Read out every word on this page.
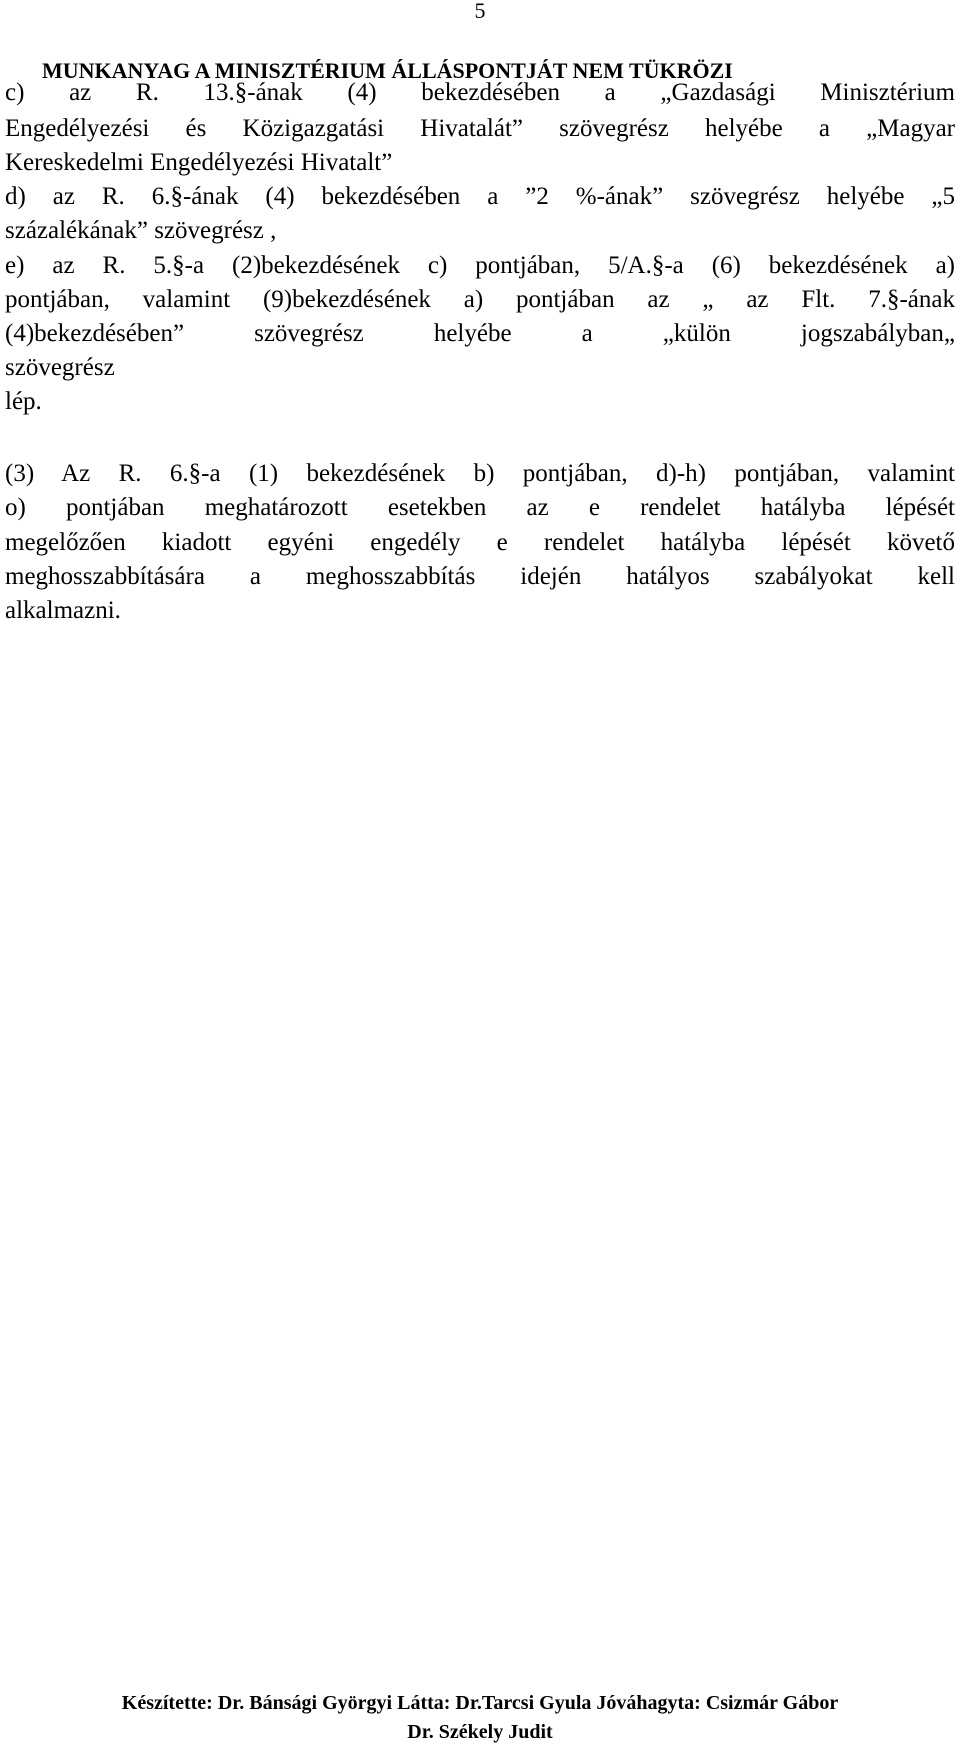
5
MUNKANYAG A MINISZTÉRIUM ÁLLÁSPONTJÁT NEM TÜKRÖZI

c) az R. 13.§-ának (4) bekezdésében a „Gazdasági Minisztérium

Engedélyezési és Közigazgatási Hivatalát” szövegrész helyébe a „Magyar

Kereskedelmi Engedélyezési Hivatalt”

d) az R. 6.§-ának (4) bekezdésében a ”2 %-ának” szövegrész helyébe „5

százalékának” szövegrész ,

e) az R. 5.§-a (2)bekezdésének c) pontjában, 5/A.§-a (6) bekezdésének a)

pontjában, valamint (9)bekezdésének a) pontjában az „ az Flt. 7.§-ának

(4)bekezdésében” szövegrész helyébe a „külön jogszabályban„

szövegrész

lép.

(3) Az R. 6.§-a (1) bekezdésének b) pontjában, d)-h) pontjában, valamint

o) pontjában meghatározott esetekben az e rendelet hatályba lépését

megelőzően kiadott egyéni engedély e rendelet hatályba lépését követő

meghosszabbítására a meghosszabbítás idején hatályos szabályokat kell

alkalmazni.

Készítette: Dr. Bánsági Györgyi Látta: Dr.Tarcsi Gyula Jóváhagyta: Csizmár Gábor
Dr. Székely Judit
